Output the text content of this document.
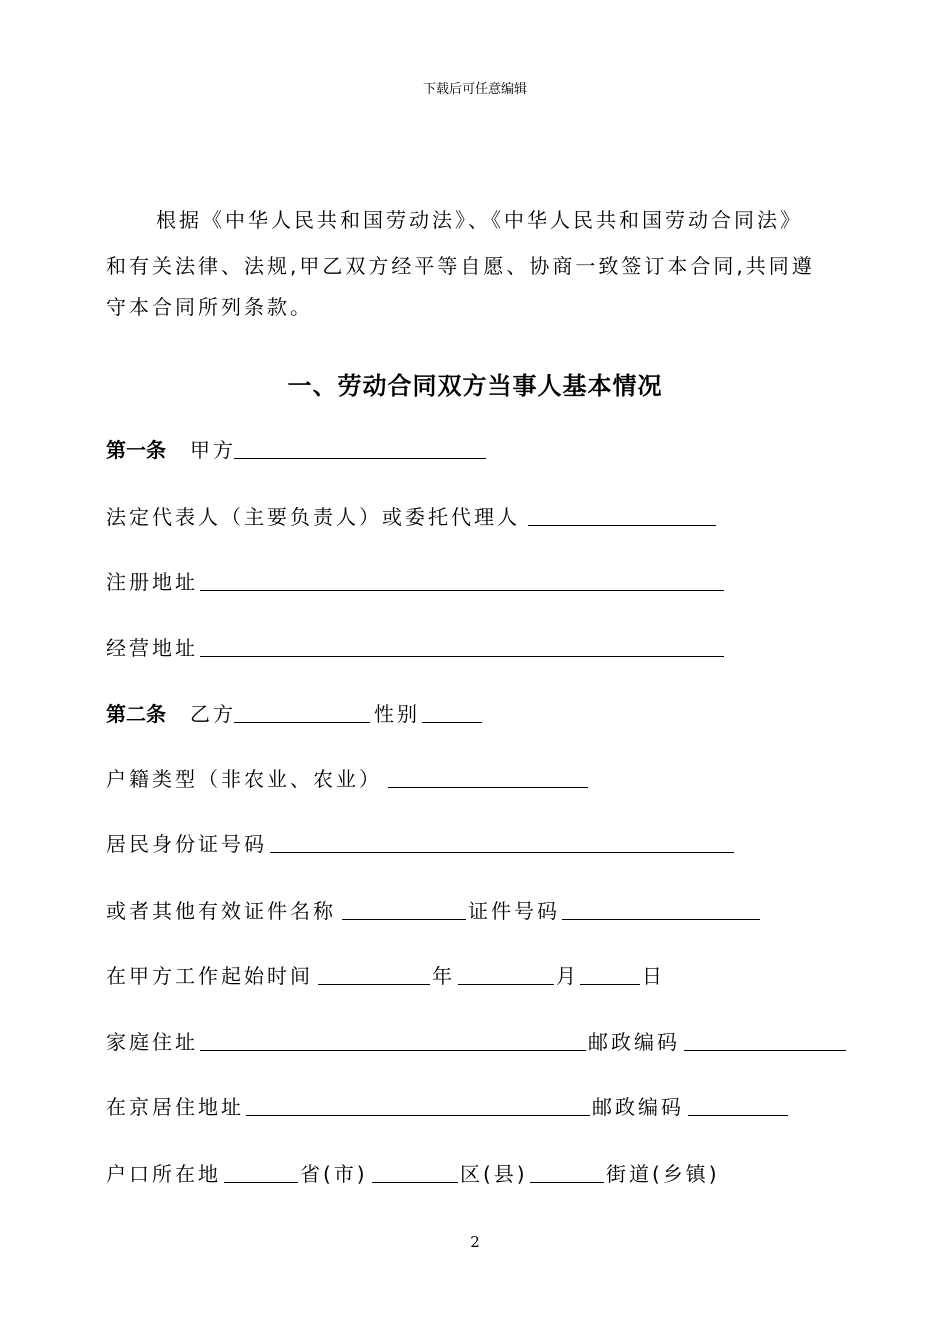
下载后可任意编辑
根据《中华人民共和国劳动法》、《中华人民共和国劳动合同法》
和有关法律、法规,甲乙双方经平等自愿、协商一致签订本合同,共同遵
守本合同所列条款。
一、劳动合同双方当事人基本情况
第一条 甲方
法定代表人（主要负责人）或委托代理人
注册地址
经营地址
第二条 乙方	性别
户籍类型（非农业、农业）
居民身份证号码
或者其他有效证件名称	证件号码
在甲方工作起始时间	年	月	日
家庭住址	邮政编码
在京居住地址	邮政编码
户口所在地	省(市)	区(县)	街道(乡镇)
2
